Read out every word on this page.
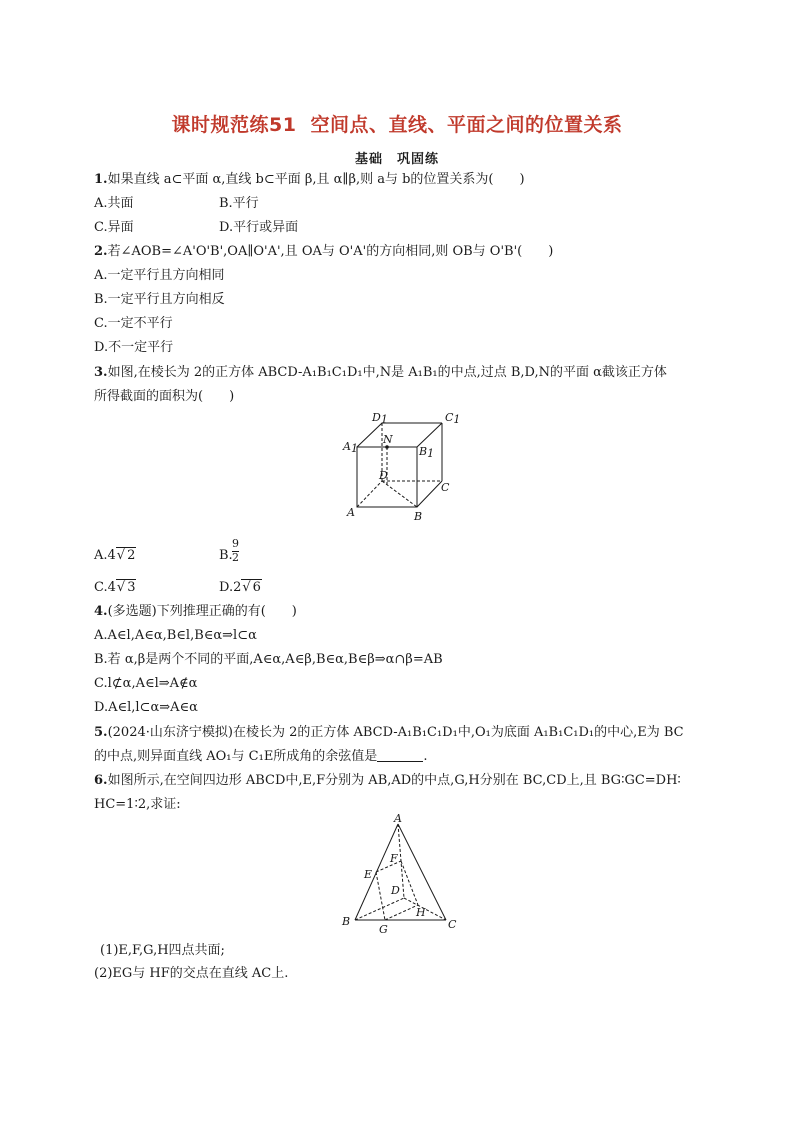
课时规范练51 空间点、直线、平面之间的位置关系
基础　巩固练
1.如果直线 a⊂平面 α,直线 b⊂平面 β,且 α∥β,则 a与 b的位置关系为(　　)
A.共面	B.平行
C.异面	D.平行或异面
2.若∠AOB=∠A'O'B',OA∥O'A',且 OA与 O'A'的方向相同,则 OB与 O'B'(　　)
A.一定平行且方向相同
B.一定平行且方向相反
C.一定不平行
D.不一定平行
3.如图,在棱长为 2的正方体 ABCD-A₁B₁C₁D₁中,N是 A₁B₁的中点,过点 B,D,N的平面 α截该正方体
所得截面的面积为(　　)
D1	C1
A1	B1
N
D
C
A	B
A.4√ 2	B.
9
2
C.4√ 3	D.2√ 6
4.(多选题)下列推理正确的有(　　)
A.A∈l,A∈α,B∈l,B∈α⇒l⊂α
B.若 α,β是两个不同的平面,A∈α,A∈β,B∈α,B∈β⇒α∩β=AB
C.l⊄α,A∈l⇒A∉α
D.A∈l,l⊂α⇒A∈α
5.(2024·山东济宁模拟)在棱长为 2的正方体 ABCD-A₁B₁C₁D₁中,O₁为底面 A₁B₁C₁D₁的中心,E为 BC
的中点,则异面直线 AO₁与 C₁E所成角的余弦值是	.
6.如图所示,在空间四边形 ABCD中,E,F分别为 AB,AD的中点,G,H分别在 BC,CD上,且 BG∶GC=DH∶
HC=1∶2,求证:
A
B	C
D
E
F
G
H
(1)E,F,G,H四点共面;
(2)EG与 HF的交点在直线 AC上.
